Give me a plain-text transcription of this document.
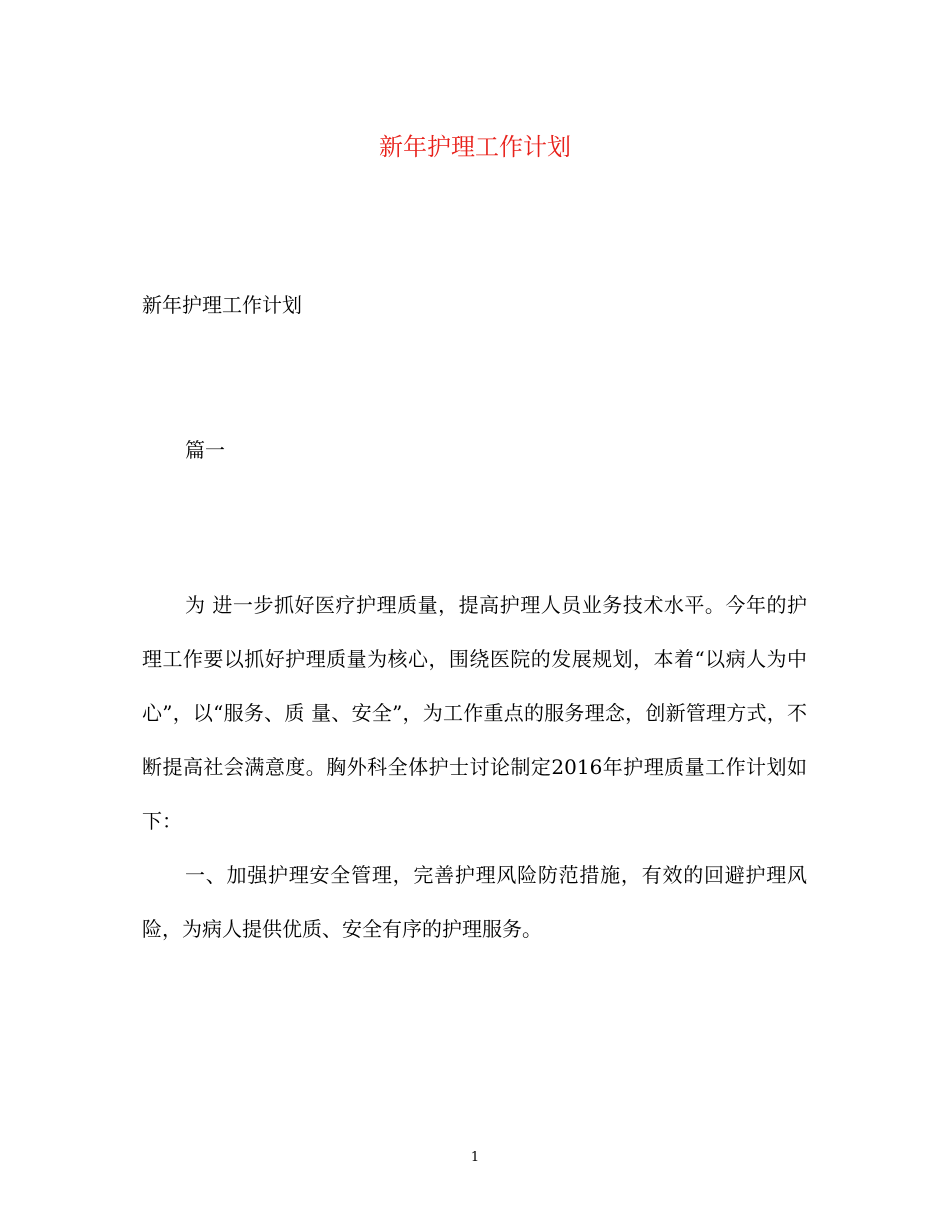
新年护理工作计划
新年护理工作计划
篇一

为 进一步抓好医疗护理质量，提高护理人员业务技术水平。今年的护理工作要以抓好护理质量为核心，围绕医院的发展规划，本着“以病人为中心”，以“服务、质 量、安全”，为工作重点的服务理念，创新管理方式，不断提高社会满意度。胸外科全体护士讨论制定2016年护理质量工作计划如下：

一、加强护理安全管理，完善护理风险防范措施，有效的回避护理风险，为病人提供优质、安全有序的护理服务。

1
